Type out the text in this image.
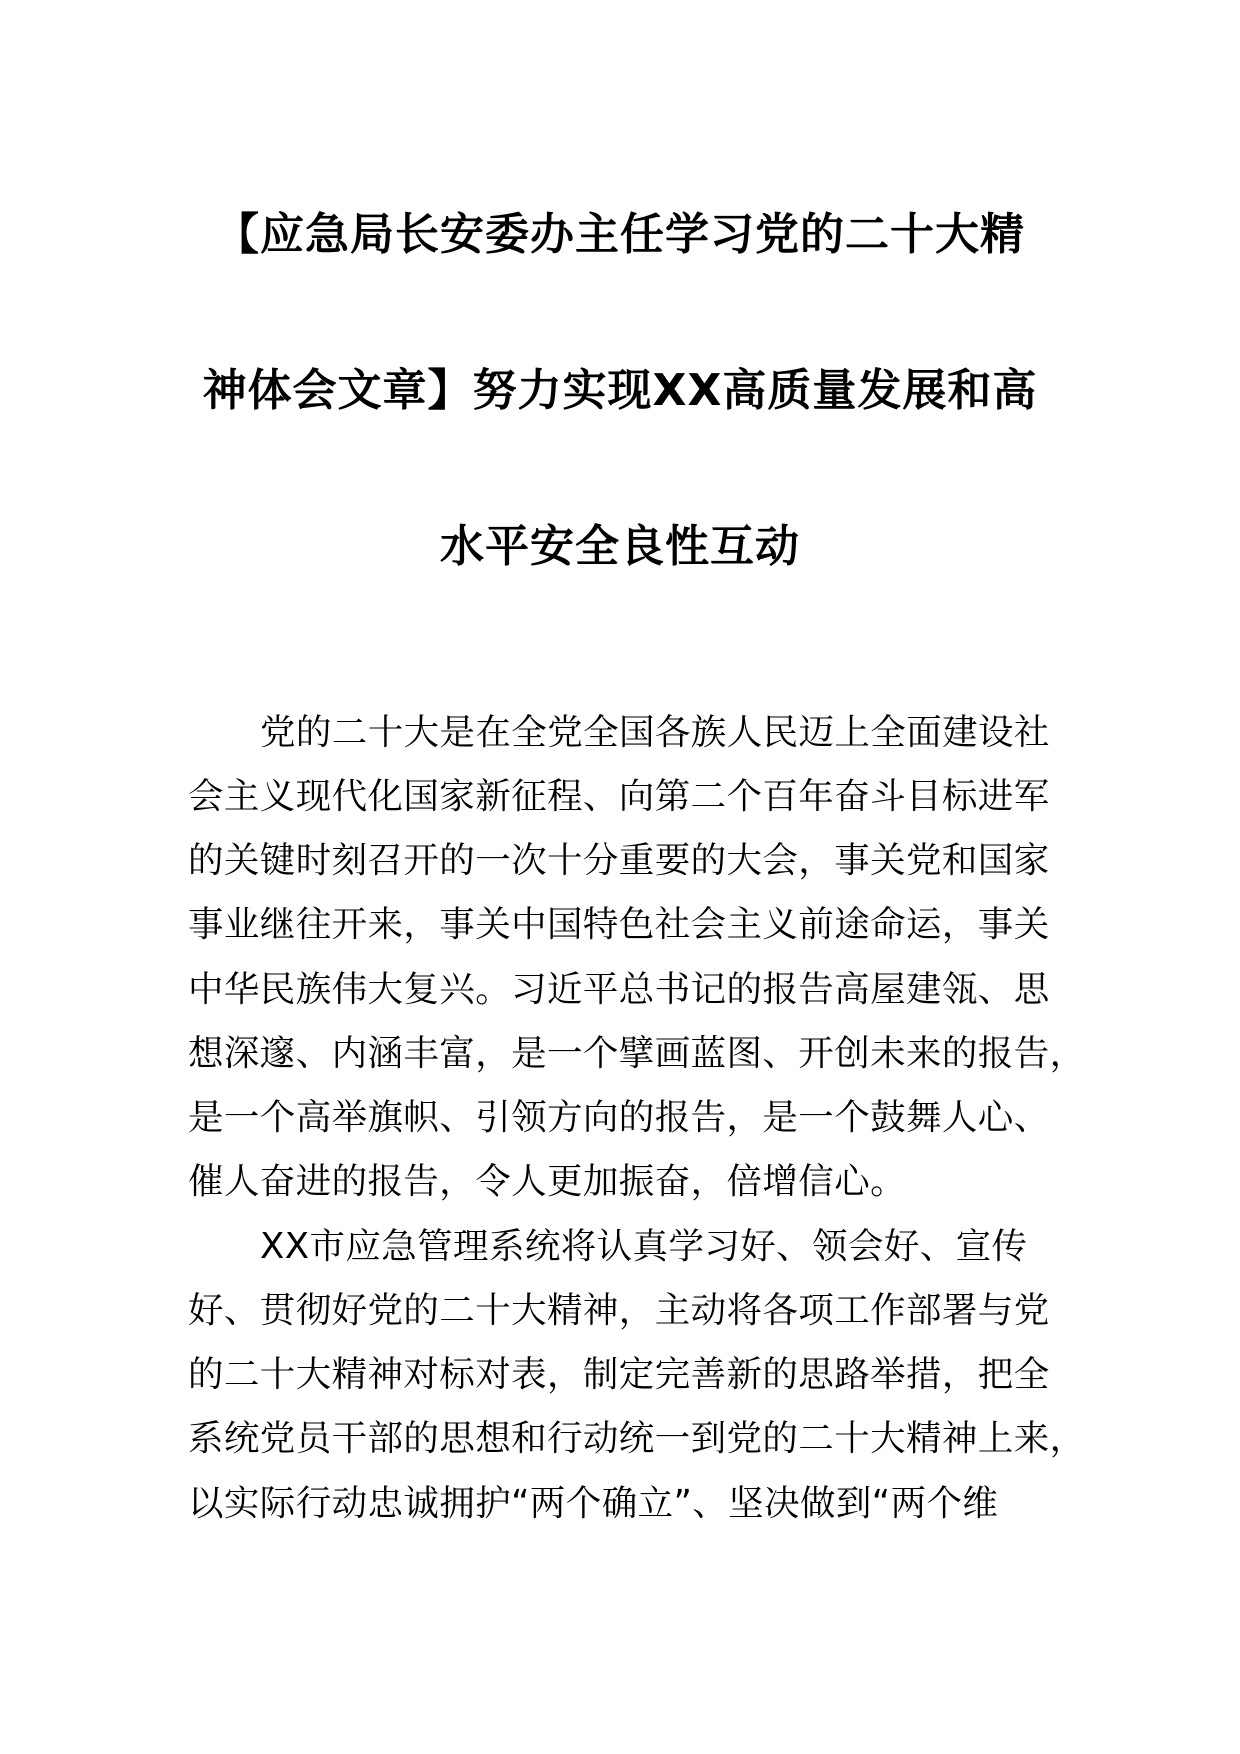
【应急局长安委办主任学习党的二十大精
神体会文章】努力实现XX高质量发展和高
水平安全良性互动
党的二十大是在全党全国各族人民迈上全面建设社
会主义现代化国家新征程、向第二个百年奋斗目标进军
的关键时刻召开的一次十分重要的大会，事关党和国家
事业继往开来，事关中国特色社会主义前途命运，事关
中华民族伟大复兴。习近平总书记的报告高屋建瓴、思
想深邃、内涵丰富，是一个擘画蓝图、开创未来的报告，
是一个高举旗帜、引领方向的报告，是一个鼓舞人心、
催人奋进的报告，令人更加振奋，倍增信心。
XX市应急管理系统将认真学习好、领会好、宣传
好、贯彻好党的二十大精神，主动将各项工作部署与党
的二十大精神对标对表，制定完善新的思路举措，把全
系统党员干部的思想和行动统一到党的二十大精神上来，
以实际行动忠诚拥护“两个确立”、坚决做到“两个维
